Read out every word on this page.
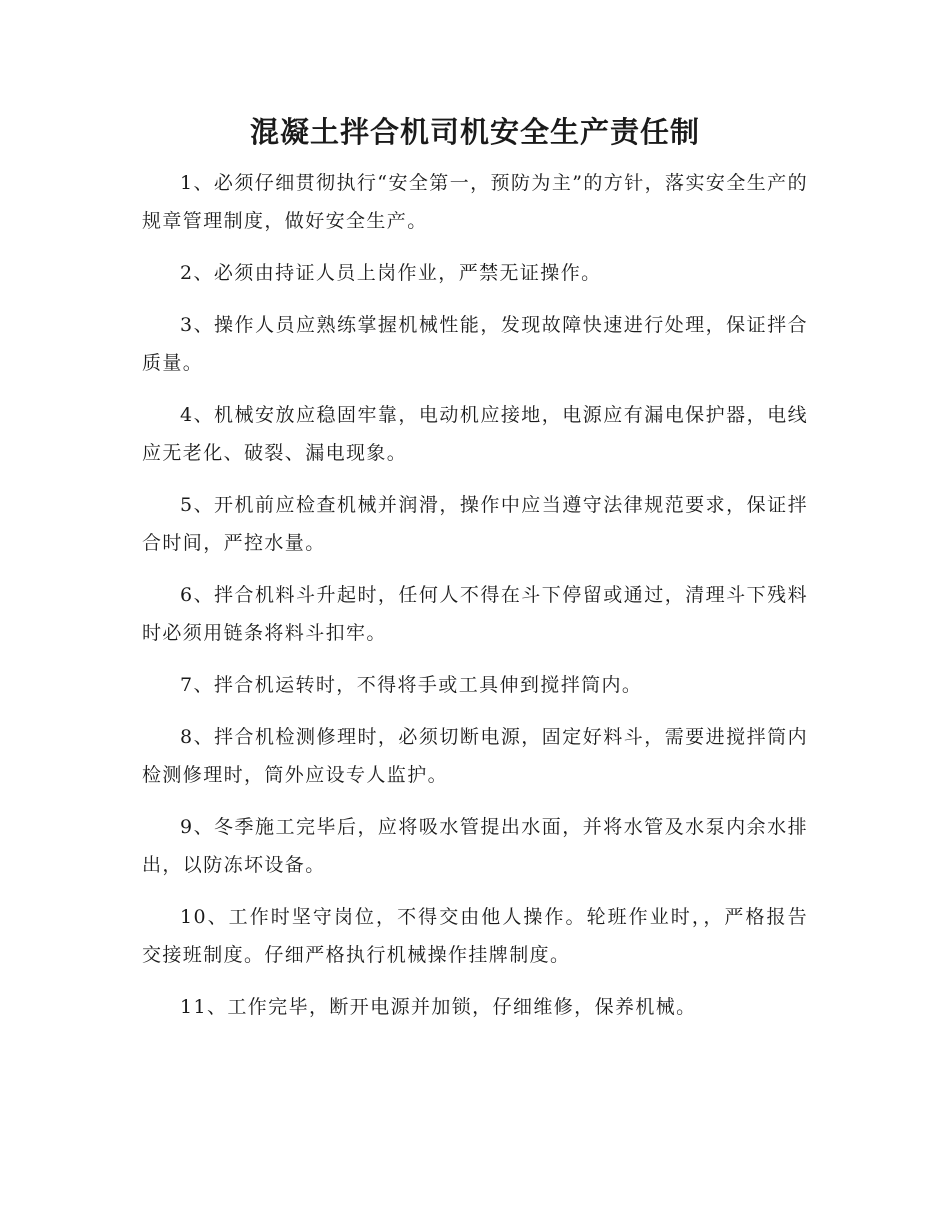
混凝土拌合机司机安全生产责任制

1、必须仔细贯彻执行“安全第一，预防为主”的方针，落实安全生产的规章管理制度，做好安全生产。

2、必须由持证人员上岗作业，严禁无证操作。

3、操作人员应熟练掌握机械性能，发现故障快速进行处理，保证拌合质量。

4、机械安放应稳固牢靠，电动机应接地，电源应有漏电保护器，电线应无老化、破裂、漏电现象。

5、开机前应检查机械并润滑，操作中应当遵守法律规范要求，保证拌合时间，严控水量。

6、拌合机料斗升起时，任何人不得在斗下停留或通过，清理斗下残料时必须用链条将料斗扣牢。

7、拌合机运转时，不得将手或工具伸到搅拌筒内。

8、拌合机检测修理时，必须切断电源，固定好料斗，需要进搅拌筒内检测修理时，筒外应设专人监护。

9、冬季施工完毕后，应将吸水管提出水面，并将水管及水泵内余水排出，以防冻坏设备。

10、工作时坚守岗位，不得交由他人操作。轮班作业时，，严格报告交接班制度。仔细严格执行机械操作挂牌制度。

11、工作完毕，断开电源并加锁，仔细维修，保养机械。
